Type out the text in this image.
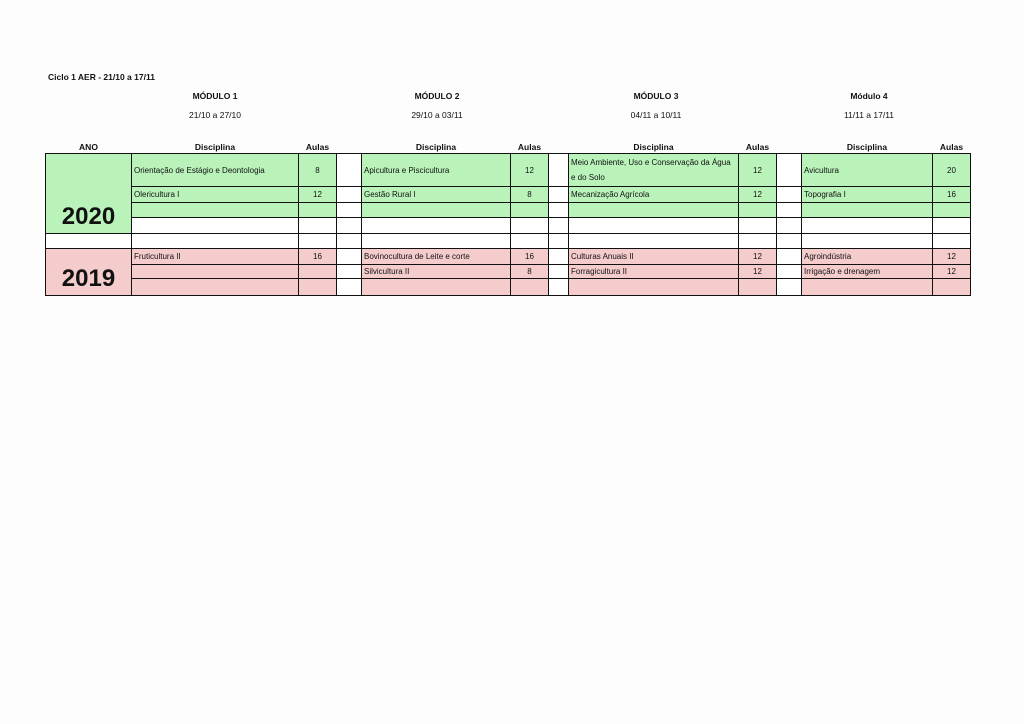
Ciclo 1 AER - 21/10 a 17/11
MÓDULO 1
21/10 a 27/10
MÓDULO 2
29/10 a 03/11
MÓDULO 3
04/11 a 10/11
Módulo 4
11/11 a 17/11
ANO	Disciplina	Aulas		Disciplina	Aulas		Disciplina	Aulas		Disciplina	Aulas
2020	Orientação de Estágio e Deontologia	8		Apicultura e Piscicultura	12		Meio Ambiente, Uso e Conservação da Água e do Solo	12		Avicultura	20
	Olericultura I	12		Gestão Rural I	8		Mecanização Agrícola	12		Topografia I	16

2019	Fruticultura II	16		Bovinocultura de Leite e corte	16		Culturas Anuais II	12		Agroindústria	12
				Silvicultura II	8		Forragicultura II	12		Irrigação e drenagem	12
